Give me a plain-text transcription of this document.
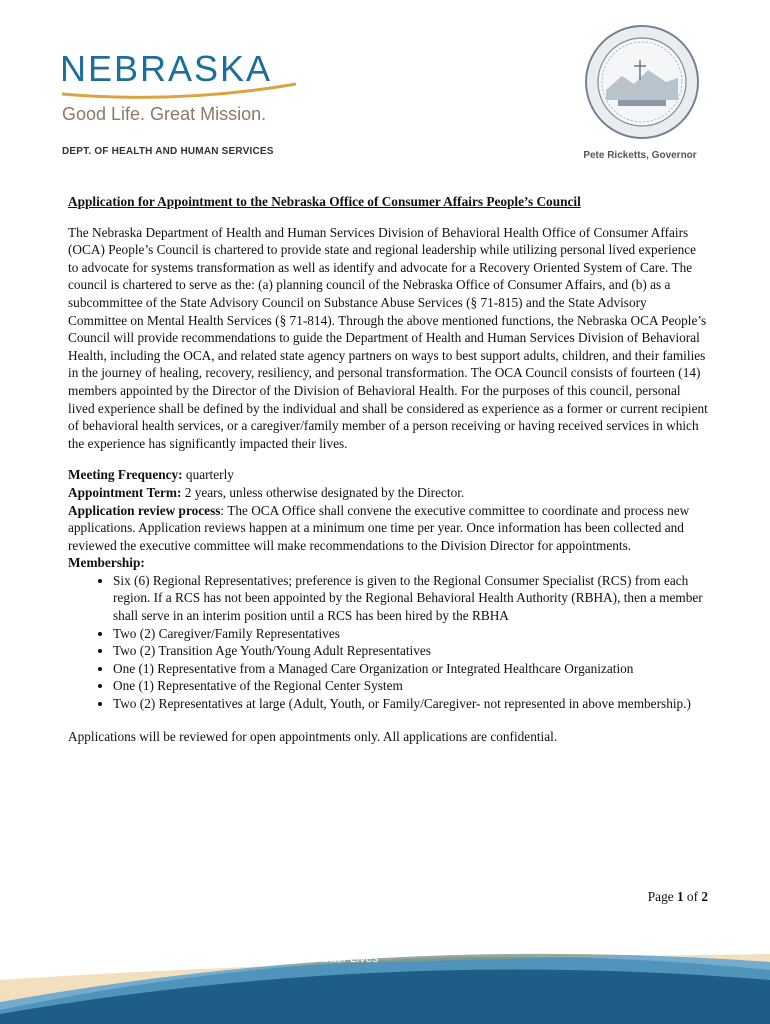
NEBRASKA
Good Life. Great Mission.
DEPT. OF HEALTH AND HUMAN SERVICES	Pete Ricketts, Governor

Application for Appointment to the Nebraska Office of Consumer Affairs People’s Council

The Nebraska Department of Health and Human Services Division of Behavioral Health Office of Consumer Affairs (OCA) People’s Council is chartered to provide state and regional leadership while utilizing personal lived experience to advocate for systems transformation as well as identify and advocate for a Recovery Oriented System of Care. The council is chartered to serve as the: (a) planning council of the Nebraska Office of Consumer Affairs, and (b) as a subcommittee of the State Advisory Council on Substance Abuse Services (§ 71-815) and the State Advisory Committee on Mental Health Services (§ 71-814). Through the above mentioned functions, the Nebraska OCA People’s Council will provide recommendations to guide the Department of Health and Human Services Division of Behavioral Health, including the OCA, and related state agency partners on ways to best support adults, children, and their families in the journey of healing, recovery, resiliency, and personal transformation. The OCA Council consists of fourteen (14) members appointed by the Director of the Division of Behavioral Health. For the purposes of this council, personal lived experience shall be defined by the individual and shall be considered as experience as a former or current recipient of behavioral health services, or a caregiver/family member of a person receiving or having received services in which the experience has significantly impacted their lives.

Meeting Frequency: quarterly

Appointment Term: 2 years, unless otherwise designated by the Director.

Application review process: The OCA Office shall convene the executive committee to coordinate and process new applications. Application reviews happen at a minimum one time per year. Once information has been collected and reviewed the executive committee will make recommendations to the Division Director for appointments.

Membership:

• Six (6) Regional Representatives; preference is given to the Regional Consumer Specialist (RCS) from each region. If a RCS has not been appointed by the Regional Behavioral Health Authority (RBHA), then a member shall serve in an interim position until a RCS has been hired by the RBHA
• Two (2) Caregiver/Family Representatives
• Two (2) Transition Age Youth/Young Adult Representatives
• One (1) Representative from a Managed Care Organization or Integrated Healthcare Organization
• One (1) Representative of the Regional Center System
• Two (2) Representatives at large (Adult, Youth, or Family/Caregiver- not represented in above membership.)

Applications will be reviewed for open appointments only. All applications are confidential.

Page 1 of 2
Helping People Live Better Lives
